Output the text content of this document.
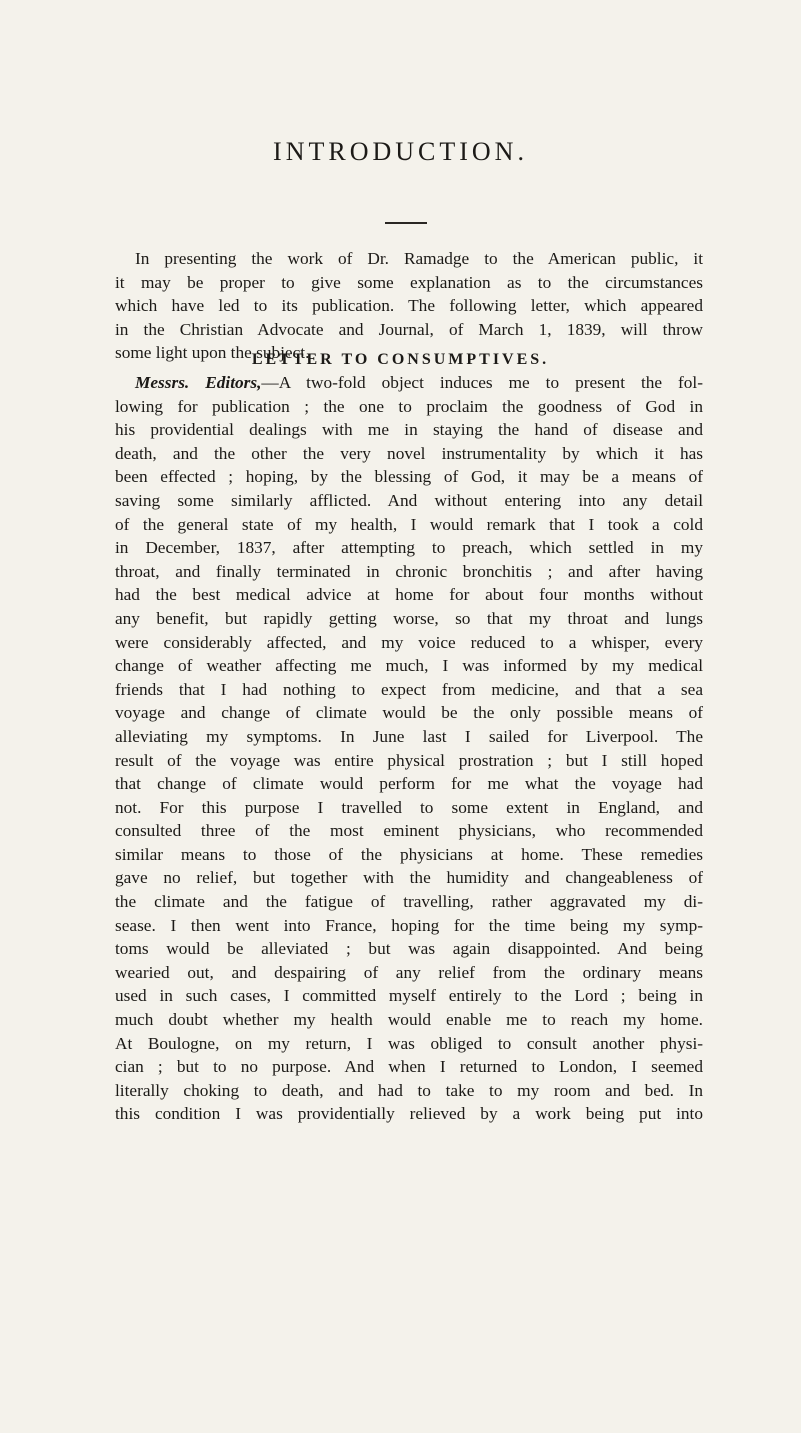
INTRODUCTION.
In presenting the work of Dr. Ramadge to the American public, it
it may be proper to give some explanation as to the circumstances
which have led to its publication. The following letter, which appeared
in the Christian Advocate and Journal, of March 1, 1839, will throw
some light upon the subject.
LETTER TO CONSUMPTIVES.
Messrs. Editors,—A two-fold object induces me to present the fol-
lowing for publication ; the one to proclaim the goodness of God in
his providential dealings with me in staying the hand of disease and
death, and the other the very novel instrumentality by which it has
been effected ; hoping, by the blessing of God, it may be a means of
saving some similarly afflicted. And without entering into any detail
of the general state of my health, I would remark that I took a cold
in December, 1837, after attempting to preach, which settled in my
throat, and finally terminated in chronic bronchitis ; and after having
had the best medical advice at home for about four months without
any benefit, but rapidly getting worse, so that my throat and lungs
were considerably affected, and my voice reduced to a whisper, every
change of weather affecting me much, I was informed by my medical
friends that I had nothing to expect from medicine, and that a sea
voyage and change of climate would be the only possible means of
alleviating my symptoms. In June last I sailed for Liverpool. The
result of the voyage was entire physical prostration ; but I still hoped
that change of climate would perform for me what the voyage had
not. For this purpose I travelled to some extent in England, and
consulted three of the most eminent physicians, who recommended
similar means to those of the physicians at home. These remedies
gave no relief, but together with the humidity and changeableness of
the climate and the fatigue of travelling, rather aggravated my di-
sease. I then went into France, hoping for the time being my symp-
toms would be alleviated ; but was again disappointed. And being
wearied out, and despairing of any relief from the ordinary means
used in such cases, I committed myself entirely to the Lord ; being in
much doubt whether my health would enable me to reach my home.
At Boulogne, on my return, I was obliged to consult another physi-
cian ; but to no purpose. And when I returned to London, I seemed
literally choking to death, and had to take to my room and bed. In
this condition I was providentially relieved by a work being put into
